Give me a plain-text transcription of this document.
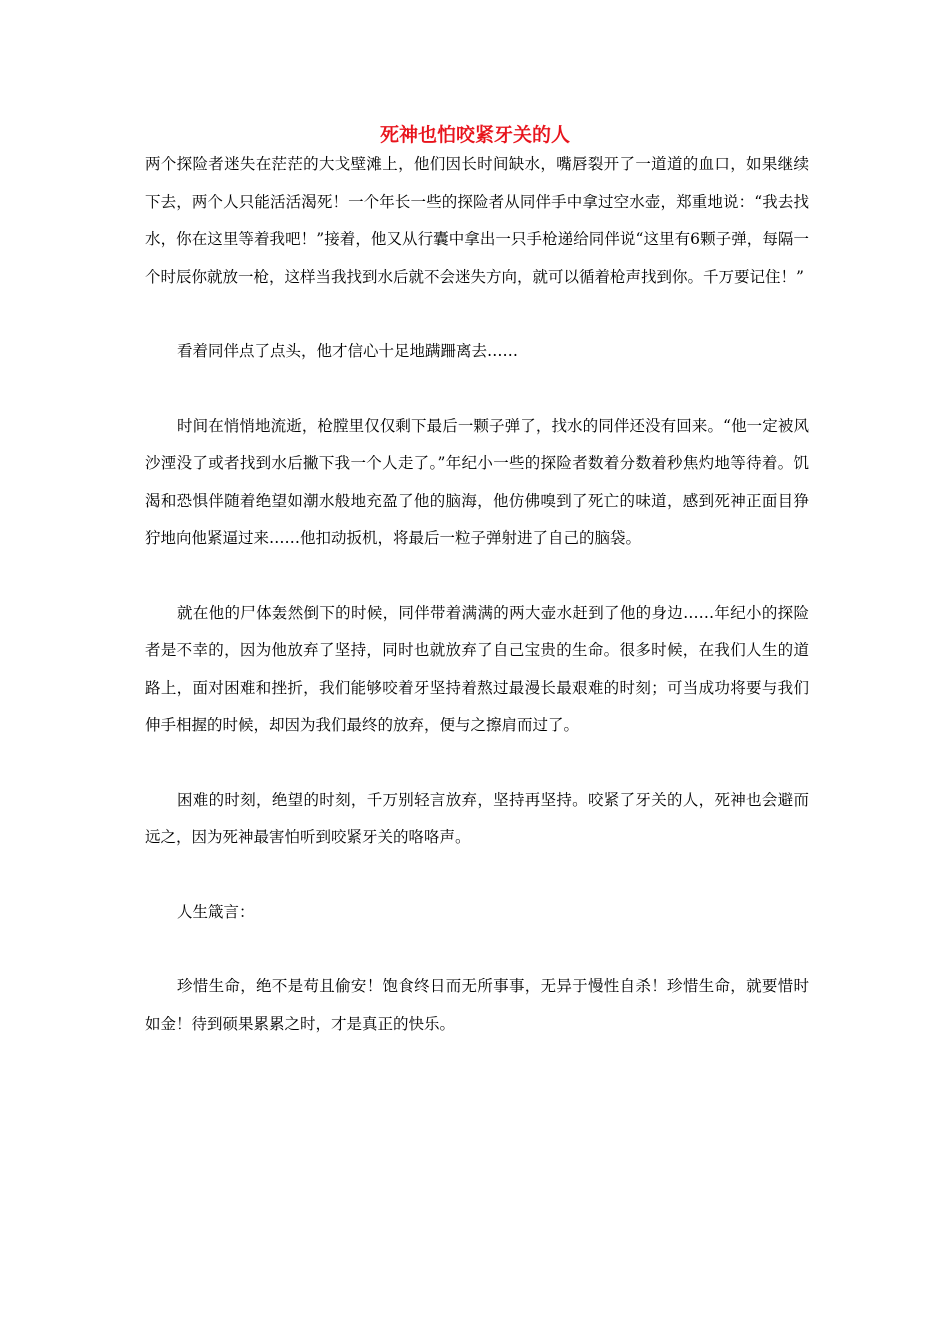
死神也怕咬紧牙关的人

两个探险者迷失在茫茫的大戈壁滩上，他们因长时间缺水，嘴唇裂开了一道道的血口，如果继续下去，两个人只能活活渴死！一个年长一些的探险者从同伴手中拿过空水壶，郑重地说：“我去找水，你在这里等着我吧！”接着，他又从行囊中拿出一只手枪递给同伴说“这里有6颗子弹，每隔一个时辰你就放一枪，这样当我找到水后就不会迷失方向，就可以循着枪声找到你。千万要记住！”

看着同伴点了点头，他才信心十足地蹒跚离去……

时间在悄悄地流逝，枪膛里仅仅剩下最后一颗子弹了，找水的同伴还没有回来。“他一定被风沙湮没了或者找到水后撇下我一个人走了。”年纪小一些的探险者数着分数着秒焦灼地等待着。饥渴和恐惧伴随着绝望如潮水般地充盈了他的脑海，他仿佛嗅到了死亡的味道，感到死神正面目狰狞地向他紧逼过来……他扣动扳机，将最后一粒子弹射进了自己的脑袋。

就在他的尸体轰然倒下的时候，同伴带着满满的两大壶水赶到了他的身边……年纪小的探险者是不幸的，因为他放弃了坚持，同时也就放弃了自己宝贵的生命。很多时候，在我们人生的道路上，面对困难和挫折，我们能够咬着牙坚持着熬过最漫长最艰难的时刻；可当成功将要与我们伸手相握的时候，却因为我们最终的放弃，便与之擦肩而过了。

困难的时刻，绝望的时刻，千万别轻言放弃，坚持再坚持。咬紧了牙关的人，死神也会避而远之，因为死神最害怕听到咬紧牙关的咯咯声。

人生箴言：

珍惜生命，绝不是苟且偷安！饱食终日而无所事事，无异于慢性自杀！珍惜生命，就要惜时如金！待到硕果累累之时，才是真正的快乐。
